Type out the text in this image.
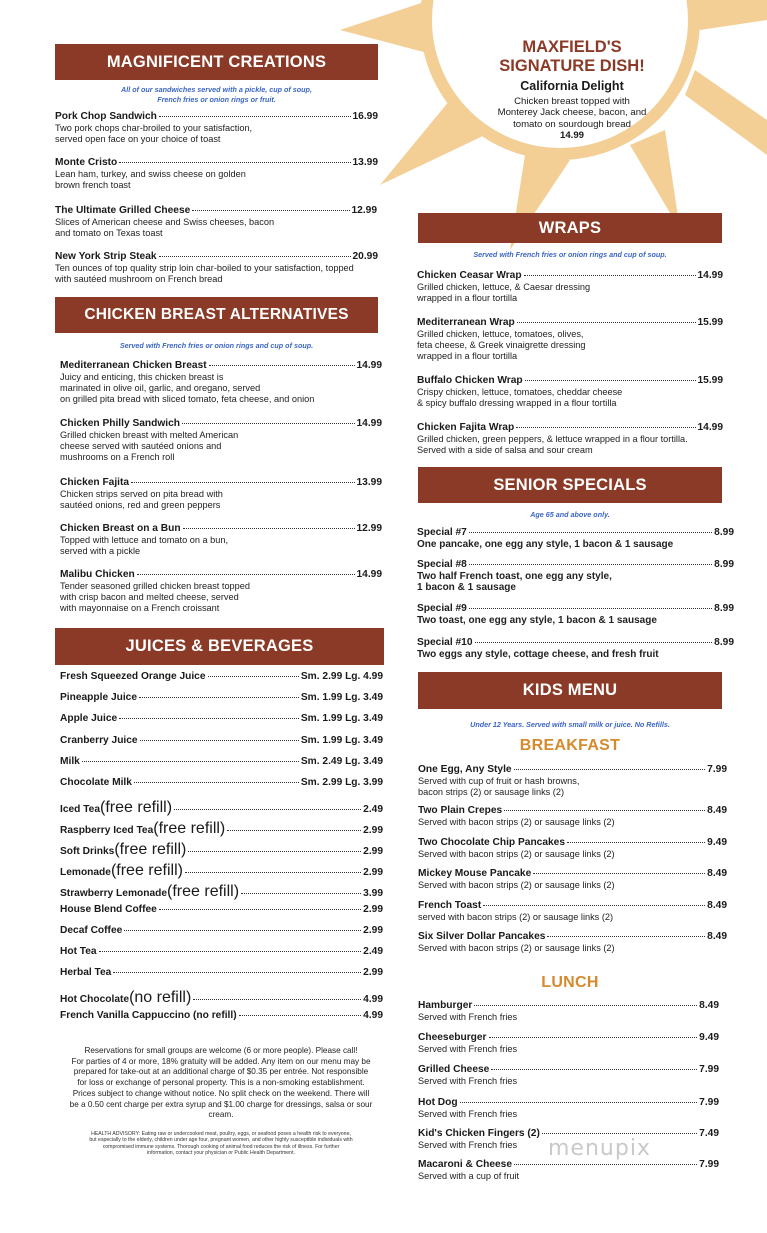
MAGNIFICENT CREATIONS
All of our sandwiches served with a pickle, cup of soup,
French fries or onion rings or fruit.
Pork Chop Sandwich	16.99
Two pork chops char-broiled to your satisfaction,
served open face on your choice of toast
Monte Cristo	13.99
Lean ham, turkey, and swiss cheese on golden
brown french toast
The Ultimate Grilled Cheese	12.99
Slices of American cheese and Swiss cheeses, bacon
and tomato on Texas toast
New York Strip Steak	20.99
Ten ounces of top quality strip loin char-boiled to your satisfaction, topped
with sautéed mushroom on French bread
CHICKEN BREAST ALTERNATIVES
Served with French fries or onion rings and cup of soup.
Mediterranean Chicken Breast	14.99
Juicy and enticing, this chicken breast is
marinated in olive oil, garlic, and oregano, served
on grilled pita bread with sliced tomato, feta cheese, and onion
Chicken Philly Sandwich	14.99
Grilled chicken breast with melted American
cheese served with sautéed onions and
mushrooms on a French roll
Chicken Fajita	13.99
Chicken strips served on pita bread with
sautéed onions, red and green peppers
Chicken Breast on a Bun	12.99
Topped with lettuce and tomato on a bun,
served with a pickle
Malibu Chicken	14.99
Tender seasoned grilled chicken breast topped
with crisp bacon and melted cheese, served
with mayonnaise on a French croissant
JUICES & BEVERAGES
Fresh Squeezed Orange Juice	Sm. 2.99 Lg. 4.99
Pineapple Juice	Sm. 1.99 Lg. 3.49
Apple Juice	Sm. 1.99 Lg. 3.49
Cranberry Juice	Sm. 1.99 Lg. 3.49
Milk	Sm. 2.49 Lg. 3.49
Chocolate Milk	Sm. 2.99 Lg. 3.99
Iced Tea (free refill)	2.49
Raspberry Iced Tea (free refill)	2.99
Soft Drinks (free refill)	2.99
Lemonade (free refill)	2.99
Strawberry Lemonade (free refill)	3.99
House Blend Coffee	2.99
Decaf Coffee	2.99
Hot Tea	2.49
Herbal Tea	2.99
Hot Chocolate (no refill)	4.99
French Vanilla Cappuccino (no refill)	4.99
Reservations for small groups are welcome (6 or more people). Please call!
For parties of 4 or more, 18% gratuity will be added. Any item on our menu may be
prepared for take-out at an additional charge of $0.35 per entrée. Not responsible
for loss or exchange of personal property. This is a non-smoking establishment.
Prices subject to change without notice. No split check on the weekend. There will
be a 0.50 cent charge per extra syrup and $1.00 charge for dressings, salsa or sour
cream.
HEALTH ADVISORY: Eating raw or undercooked meat, poultry, eggs, or seafood poses a health risk to everyone,
but especially to the elderly, children under age four, pregnant women, and other highly susceptible individuals with
compromised immune systems. Thorough cooking of animal food reduces the risk of illness. For further
information, contact your physician or Public Health Department.
MAXFIELD'S
SIGNATURE DISH!
California Delight
Chicken breast topped with
Monterey Jack cheese, bacon, and
tomato on sourdough bread
14.99
WRAPS
Served with French fries or onion rings and cup of soup.
Chicken Ceasar Wrap	14.99
Grilled chicken, lettuce, & Caesar dressing
wrapped in a flour tortilla
Mediterranean Wrap	15.99
Grilled chicken, lettuce, tomatoes, olives,
feta cheese, & Greek vinaigrette dressing
wrapped in a flour tortilla
Buffalo Chicken Wrap	15.99
Crispy chicken, lettuce, tomatoes, cheddar cheese
& spicy buffalo dressing wrapped in a flour tortilla
Chicken Fajita Wrap	14.99
Grilled chicken, green peppers, & lettuce wrapped in a flour tortilla.
Served with a side of salsa and sour cream
SENIOR SPECIALS
Age 65 and above only.
Special #7	8.99
One pancake, one egg any style, 1 bacon & 1 sausage
Special #8	8.99
Two half French toast, one egg any style,
1 bacon & 1 sausage
Special #9	8.99
Two toast, one egg any style, 1 bacon & 1 sausage
Special #10	8.99
Two eggs any style, cottage cheese, and fresh fruit
KIDS MENU
Under 12 Years. Served with small milk or juice. No Refills.
BREAKFAST
One Egg, Any Style	7.99
Served with cup of fruit or hash browns,
bacon strips (2) or sausage links (2)
Two Plain Crepes	8.49
Served with bacon strips (2) or sausage links (2)
Two Chocolate Chip Pancakes	9.49
Served with bacon strips (2) or sausage links (2)
Mickey Mouse Pancake	8.49
Served with bacon strips (2) or sausage links (2)
French Toast	8.49
served with bacon strips (2) or sausage links (2)
Six Silver Dollar Pancakes	8.49
Served with bacon strips (2) or sausage links (2)
LUNCH
Hamburger	8.49
Served with French fries
Cheeseburger	9.49
Served with French fries
Grilled Cheese	7.99
Served with French fries
Hot Dog	7.99
Served with French fries
Kid's Chicken Fingers (2)	7.49
Served with French fries
Macaroni & Cheese	7.99
Served with a cup of fruit
menupix
